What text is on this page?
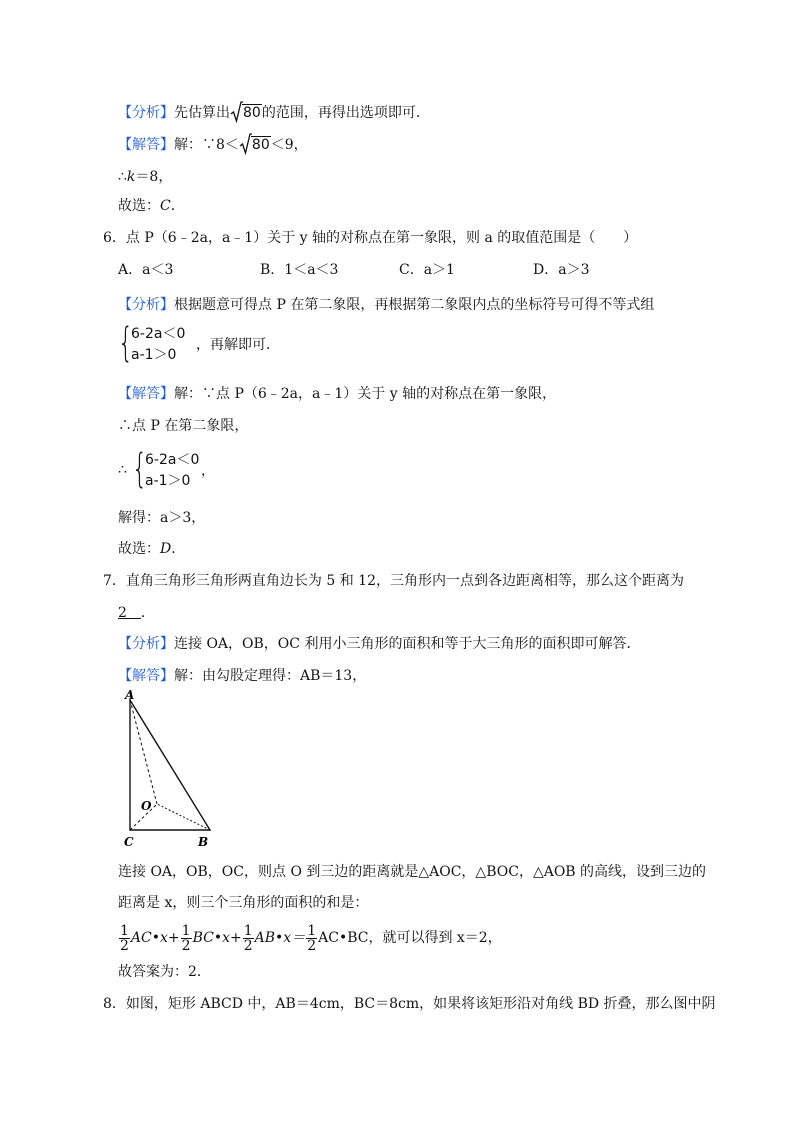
【分析】先估算出 80的范围，再得出选项即可．
【解答】解：∵8＜ 80＜9，
∴k＝8，
故选：C．
6．点 P（6﹣2a，a﹣1）关于 y 轴的对称点在第一象限，则 a 的取值范围是（　　）
A．a＜3	B．1＜a＜3	C．a＞1	D．a＞3
【分析】根据题意可得点 P 在第二象限，再根据第二象限内点的坐标符号可得不等式组
{
6-2a＜0
a-1＞0
，再解即可．
【解答】解：∵点 P（6﹣2a，a﹣1）关于 y 轴的对称点在第一象限，
∴点 P 在第二象限，
∴ {
6-2a＜0
a-1＞0
，
解得：a＞3，
故选：D．
7．直角三角形三角形两直角边长为 5 和 12，三角形内一点到各边距离相等，那么这个距离为
2　．
【分析】连接 OA，OB，OC 利用小三角形的面积和等于大三角形的面积即可解答．
【解答】解：由勾股定理得：AB＝13，
A
O
C	B
连接 OA，OB，OC，则点 O 到三边的距离就是△AOC，△BOC，△AOB 的高线，设到三边的
距离是 x，则三个三角形的面积的和是：
$\frac{1}{2}$ AC•x+ $\frac{1}{2}$ BC•x+ $\frac{1}{2}$ AB•x＝ $\frac{1}{2}$ AC•BC，就可以得到 x＝2，
故答案为：2．
8．如图，矩形 ABCD 中，AB＝4cm，BC＝8cm，如果将该矩形沿对角线 BD 折叠，那么图中阴
